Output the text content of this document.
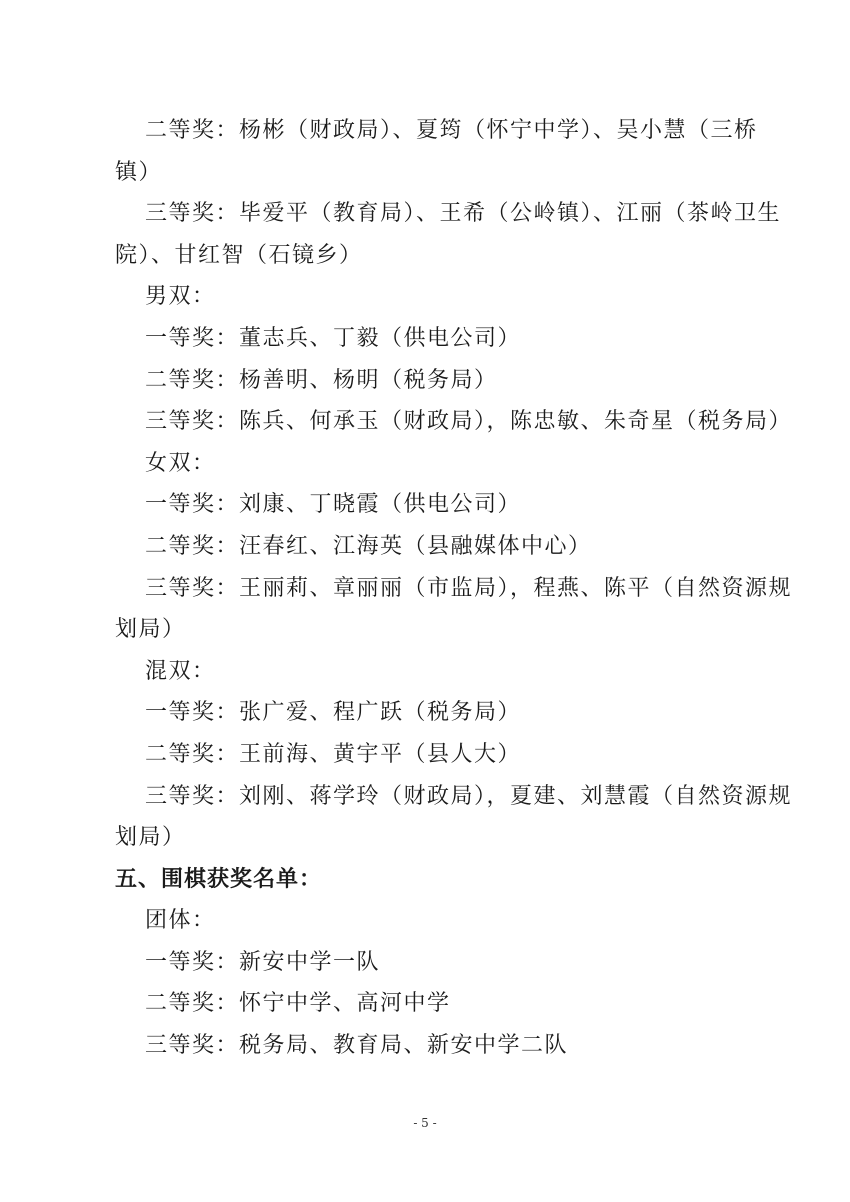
二等奖：杨彬（财政局）、夏筠（怀宁中学）、吴小慧（三桥
镇）
三等奖：毕爱平（教育局）、王希（公岭镇）、江丽（茶岭卫生
院）、甘红智（石镜乡）
男双：
一等奖：董志兵、丁毅（供电公司）
二等奖：杨善明、杨明（税务局）
三等奖：陈兵、何承玉（财政局），陈忠敏、朱奇星（税务局）
女双：
一等奖：刘康、丁晓霞（供电公司）
二等奖：汪春红、江海英（县融媒体中心）
三等奖：王丽莉、章丽丽（市监局），程燕、陈平（自然资源规
划局）
混双：
一等奖：张广爱、程广跃（税务局）
二等奖：王前海、黄宇平（县人大）
三等奖：刘刚、蒋学玲（财政局），夏建、刘慧霞（自然资源规
划局）
五、围棋获奖名单：
团体：
一等奖：新安中学一队
二等奖：怀宁中学、高河中学
三等奖：税务局、教育局、新安中学二队
- 5 -
